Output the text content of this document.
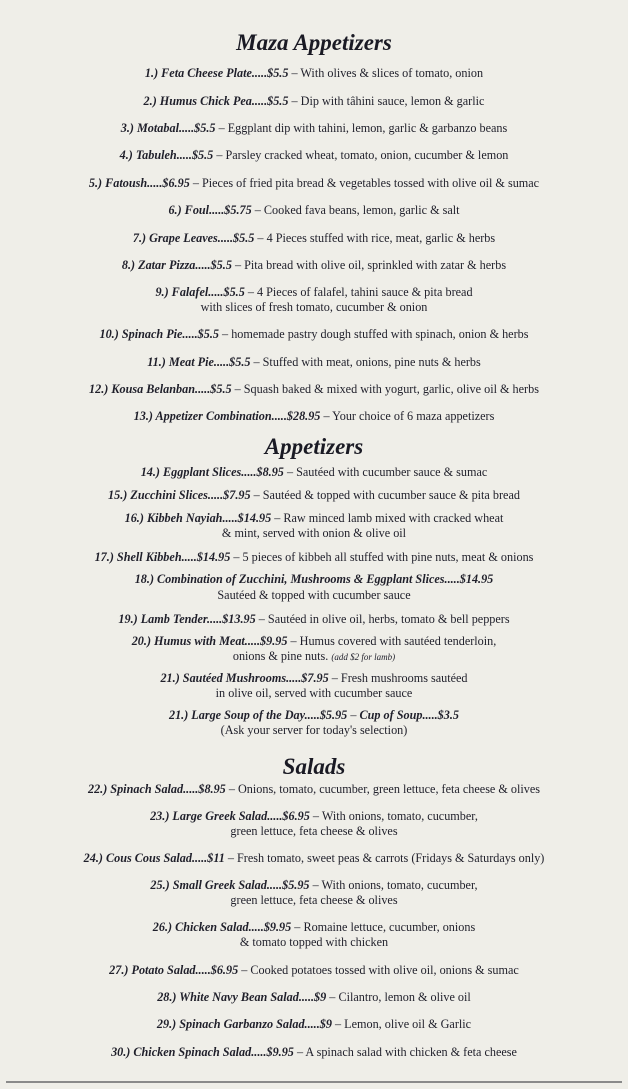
Maza Appetizers
1.) Feta Cheese Plate.....$5.5 – With olives & slices of tomato, onion
2.) Humus Chick Pea.....$5.5 – Dip with tâhini sauce, lemon & garlic
3.) Motabal.....$5.5 – Eggplant dip with tahini, lemon, garlic & garbanzo beans
4.) Tabuleh.....$5.5 – Parsley cracked wheat, tomato, onion, cucumber & lemon
5.) Fatoush.....$6.95 – Pieces of fried pita bread & vegetables tossed with olive oil & sumac
6.) Foul.....$5.75 – Cooked fava beans, lemon, garlic & salt
7.) Grape Leaves.....$5.5 – 4 Pieces stuffed with rice, meat, garlic & herbs
8.) Zatar Pizza.....$5.5 – Pita bread with olive oil, sprinkled with zatar & herbs
9.) Falafel.....$5.5 – 4 Pieces of falafel, tahini sauce & pita bread
with slices of fresh tomato, cucumber & onion
10.) Spinach Pie.....$5.5 – homemade pastry dough stuffed with spinach, onion & herbs
11.) Meat Pie.....$5.5 – Stuffed with meat, onions, pine nuts & herbs
12.) Kousa Belanban.....$5.5 – Squash baked & mixed with yogurt, garlic, olive oil & herbs
13.) Appetizer Combination.....$28.95 – Your choice of 6 maza appetizers
Appetizers
14.) Eggplant Slices.....$8.95 – Sautéed with cucumber sauce & sumac
15.) Zucchini Slices.....$7.95 – Sautéed & topped with cucumber sauce & pita bread
16.) Kibbeh Nayiah.....$14.95 – Raw minced lamb mixed with cracked wheat
& mint, served with onion & olive oil
17.) Shell Kibbeh.....$14.95 – 5 pieces of kibbeh all stuffed with pine nuts, meat & onions
18.) Combination of Zucchini, Mushrooms & Eggplant Slices.....$14.95
Sautéed & topped with cucumber sauce
19.) Lamb Tender.....$13.95 – Sautéed in olive oil, herbs, tomato & bell peppers
20.) Humus with Meat.....$9.95 – Humus covered with sautéed tenderloin,
onions & pine nuts. (add $2 for lamb)
21.) Sautéed Mushrooms.....$7.95 – Fresh mushrooms sautéed
in olive oil, served with cucumber sauce
21.) Large Soup of the Day.....$5.95 – Cup of Soup.....$3.5
(Ask your server for today's selection)
Salads
22.) Spinach Salad.....$8.95 – Onions, tomato, cucumber, green lettuce, feta cheese & olives
23.) Large Greek Salad.....$6.95 – With onions, tomato, cucumber,
green lettuce, feta cheese & olives
24.) Cous Cous Salad.....$11 – Fresh tomato, sweet peas & carrots (Fridays & Saturdays only)
25.) Small Greek Salad.....$5.95 – With onions, tomato, cucumber,
green lettuce, feta cheese & olives
26.) Chicken Salad.....$9.95 – Romaine lettuce, cucumber, onions
& tomato topped with chicken
27.) Potato Salad.....$6.95 – Cooked potatoes tossed with olive oil, onions & sumac
28.) White Navy Bean Salad.....$9 – Cilantro, lemon & olive oil
29.) Spinach Garbanzo Salad.....$9 – Lemon, olive oil & Garlic
30.) Chicken Spinach Salad.....$9.95 – A spinach salad with chicken & feta cheese
